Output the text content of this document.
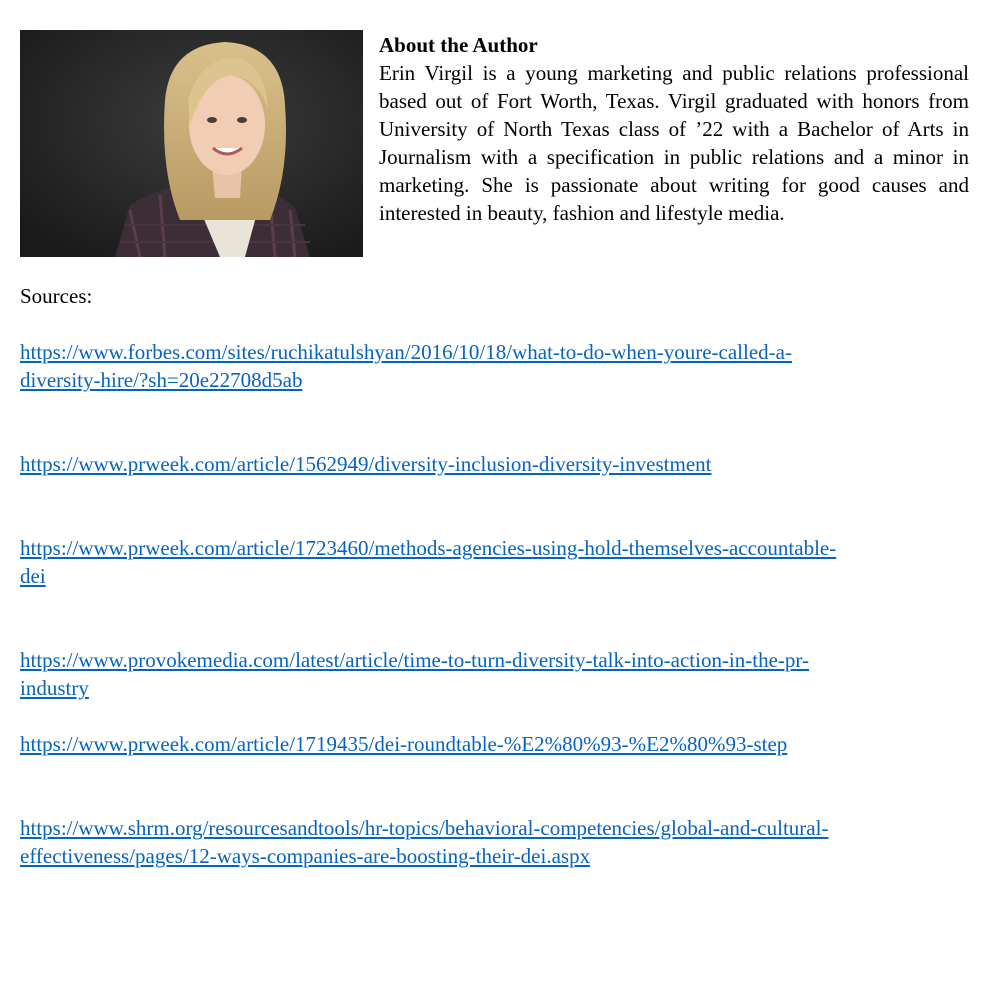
About the Author

Erin Virgil is a young marketing and public relations professional based out of Fort Worth, Texas. Virgil graduated with honors from University of North Texas class of ’22 with a Bachelor of Arts in Journalism with a specification in public relations and a minor in marketing. She is passionate about writing for good causes and interested in beauty, fashion and lifestyle media.

Sources:
https://www.forbes.com/sites/ruchikatulshyan/2016/10/18/what-to-do-when-youre-called-a-
diversity-hire/?sh=20e22708d5ab
https://www.prweek.com/article/1562949/diversity-inclusion-diversity-investment
https://www.prweek.com/article/1723460/methods-agencies-using-hold-themselves-accountable-
dei
https://www.provokemedia.com/latest/article/time-to-turn-diversity-talk-into-action-in-the-pr-
industry
https://www.prweek.com/article/1719435/dei-roundtable-%E2%80%93-%E2%80%93-step
https://www.shrm.org/resourcesandtools/hr-topics/behavioral-competencies/global-and-cultural-
effectiveness/pages/12-ways-companies-are-boosting-their-dei.aspx
